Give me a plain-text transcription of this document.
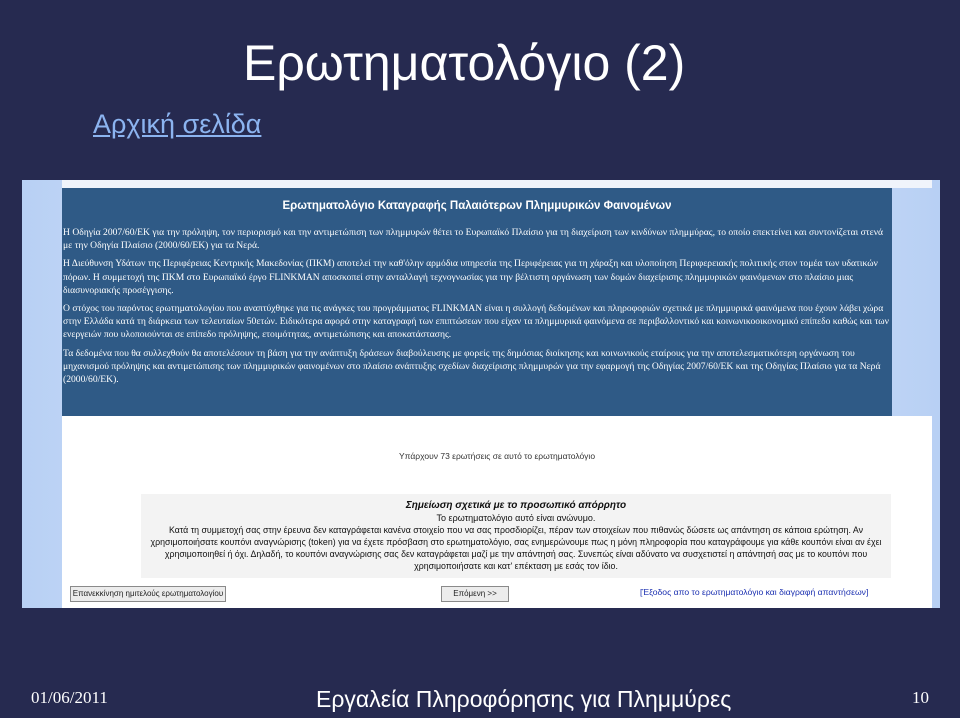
Ερωτηματολόγιο (2)
Αρχική σελίδα
Ερωτηματολόγιο Καταγραφής Παλαιότερων Πλημμυρικών Φαινομένων

Η Οδηγία 2007/60/ΕΚ για την πρόληψη, τον περιορισμό και την αντιμετώπιση των πλημμυρών θέτει το Ευρωπαϊκό Πλαίσιο για τη διαχείριση των κινδύνων πλημμύρας, το οποίο επεκτείνει και συντονίζεται στενά με την Οδηγία Πλαίσιο (2000/60/ΕΚ) για τα Νερά.

Η Διεύθυνση Υδάτων της Περιφέρειας Κεντρικής Μακεδονίας (ΠΚΜ) αποτελεί την καθ'όλην αρμόδια υπηρεσία της Περιφέρειας για τη χάραξη και υλοποίηση Περιφερειακής πολιτικής στον τομέα των υδατικών πόρων. Η συμμετοχή της ΠΚΜ στο Ευρωπαϊκό έργο FLINKMAN αποσκοπεί στην ανταλλαγή τεχνογνωσίας για την βέλτιστη οργάνωση των δομών διαχείρισης πλημμυρικών φαινόμενων στο πλαίσιο μιας διασυνοριακής προσέγγισης.

Ο στόχος του παρόντος ερωτηματολογίου που αναπτύχθηκε για τις ανάγκες του προγράμματος FLINKMAN είναι η συλλογή δεδομένων και πληροφοριών σχετικά με πλημμυρικά φαινόμενα που έχουν λάβει χώρα στην Ελλάδα κατά τη διάρκεια των τελευταίων 50ετών. Ειδικότερα αφορά στην καταγραφή των επιπτώσεων που είχαν τα πλημμυρικά φαινόμενα σε περιβαλλοντικό και κοινωνικοοικονομικό επίπεδο καθώς και των ενεργειών που υλοποιούνται σε επίπεδο πρόληψης, ετοιμότητας, αντιμετώπισης και αποκατάστασης.

Τα δεδομένα που θα συλλεχθούν θα αποτελέσουν τη βάση για την ανάπτυξη δράσεων διαβούλευσης με φορείς της δημόσιας διοίκησης και κοινωνικούς εταίρους για την αποτελεσματικότερη οργάνωση του μηχανισμού πρόληψης και αντιμετώπισης των πλημμυρικών φαινομένων στο πλαίσιο ανάπτυξης σχεδίων διαχείρισης πλημμυρών για την εφαρμογή της Οδηγίας 2007/60/ΕΚ και της Οδηγίας Πλαίσιο για τα Νερά (2000/60/ΕΚ).

Υπάρχουν 73 ερωτήσεις σε αυτό το ερωτηματολόγιο
Σημείωση σχετικά με το προσωπικό απόρρητο
Το ερωτηματολόγιο αυτό είναι ανώνυμο.
Κατά τη συμμετοχή σας στην έρευνα δεν καταγράφεται κανένα στοιχείο που να σας προσδιορίζει, πέραν των στοιχείων που πιθανώς δώσετε ως απάντηση σε κάποια ερώτηση. Αν χρησιμοποιήσατε κουπόνι αναγνώρισης (token) για να έχετε πρόσβαση στο ερωτηματολόγιο, σας ενημερώνουμε πως η μόνη πληροφορία που καταγράφουμε για κάθε κουπόνι είναι αν έχει χρησιμοποιηθεί ή όχι. Δηλαδή, το κουπόνι αναγνώρισης σας δεν καταγράφεται μαζί με την απάντησή σας. Συνεπώς είναι αδύνατο να συσχετιστεί η απάντησή σας με το κουπόνι που χρησιμοποιήσατε και κατ' επέκταση με εσάς τον ίδιο.
Επανεκκίνηση ημιτελούς ερωτηματολογίου	Επόμενη >>	[Έξοδος απο το ερωτηματολόγιο και διαγραφή απαντήσεων]
01/06/2011	Εργαλεία Πληροφόρησης για Πλημμύρες	10
